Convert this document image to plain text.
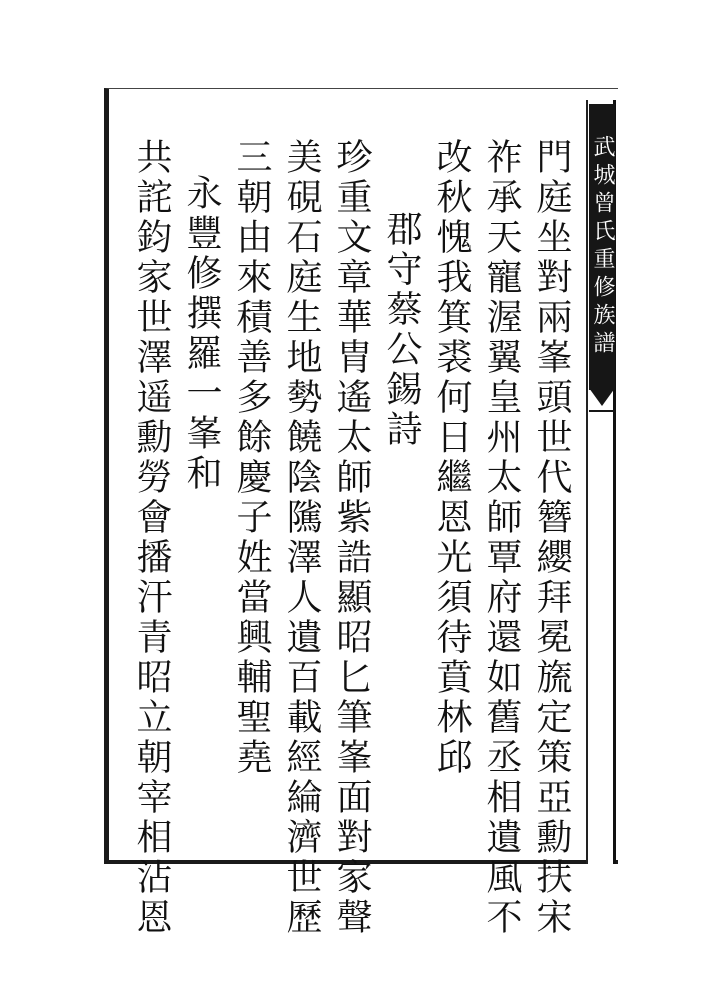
武城曾氏重修族譜
門庭坐對兩峯頭世代簪纓拜冕旒定策亞勳扶宋
祚承天寵渥翼皇州太師覃府還如舊丞相遺風不
改秋愧我箕裘何日繼恩光須待賁林邱
郡守蔡公錫詩
珍重文章華胄遙太師紫誥顯昭匕筆峯面對家聲
美硯石庭生地勢饒陰隲澤人遺百載經綸濟世歷
三朝由來積善多餘慶子姓當興輔聖堯
永豐修撰羅一峯和
共詫鈞家世澤遥勳勞會播汗青昭立朝宰相沾恩
